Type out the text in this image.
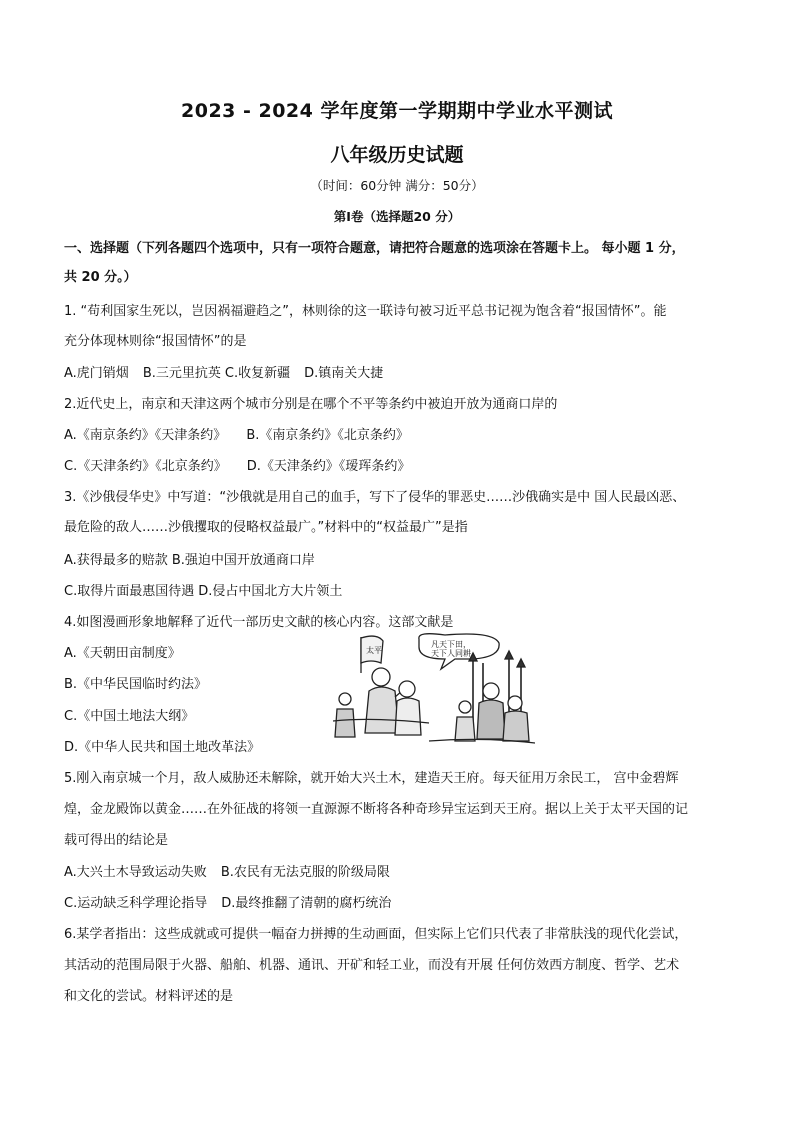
2023 - 2024 学年度第一学期期中学业水平测试
八年级历史试题
（时间：60分钟 满分：50分）
第I卷（选择题20 分）
一、选择题（下列各题四个选项中，只有一项符合题意，请把符合题意的选项涂在答题卡上。 每小题 1 分，
共 20 分。）
1. “苟利国家生死以，岂因祸福避趋之”，林则徐的这一联诗句被习近平总书记视为饱含着“报国情怀”。能
充分体现林则徐“报国情怀”的是
A.虎门销烟 B.三元里抗英 C.收复新疆 D.镇南关大捷
2.近代史上，南京和天津这两个城市分别是在哪个不平等条约中被迫开放为通商口岸的
A.《南京条约》《天津条约》 B.《南京条约》《北京条约》
C.《天津条约》《北京条约》 D.《天津条约》《瑷珲条约》
3.《沙俄侵华史》中写道：“沙俄就是用自己的血手，写下了侵华的罪恶史……沙俄确实是中 国人民最凶恶、
最危险的敌人……沙俄攫取的侵略权益最广。”材料中的“权益最广”是指
A.获得最多的赔款 B.强迫中国开放通商口岸
C.取得片面最惠国待遇 D.侵占中国北方大片领土
4.如图漫画形象地解释了近代一部历史文献的核心内容。这部文献是
A.《天朝田亩制度》
B.《中华民国临时约法》
C.《中国土地法大纲》
D.《中华人民共和国土地改革法》
太平
凡天下田，
天下人同耕
5.刚入南京城一个月，敌人威胁还未解除，就开始大兴土木，建造天王府。每天征用万余民工， 宫中金碧辉
煌，金龙殿饰以黄金……在外征战的将领一直源源不断将各种奇珍异宝运到天王府。据以上关于太平天国的记
载可得出的结论是
A.大兴土木导致运动失败 B.农民有无法克服的阶级局限
C.运动缺乏科学理论指导 D.最终推翻了清朝的腐朽统治
6.某学者指出：这些成就或可提供一幅奋力拼搏的生动画面，但实际上它们只代表了非常肤浅的现代化尝试，
其活动的范围局限于火器、船舶、机器、通讯、开矿和轻工业，而没有开展 任何仿效西方制度、哲学、艺术
和文化的尝试。材料评述的是
